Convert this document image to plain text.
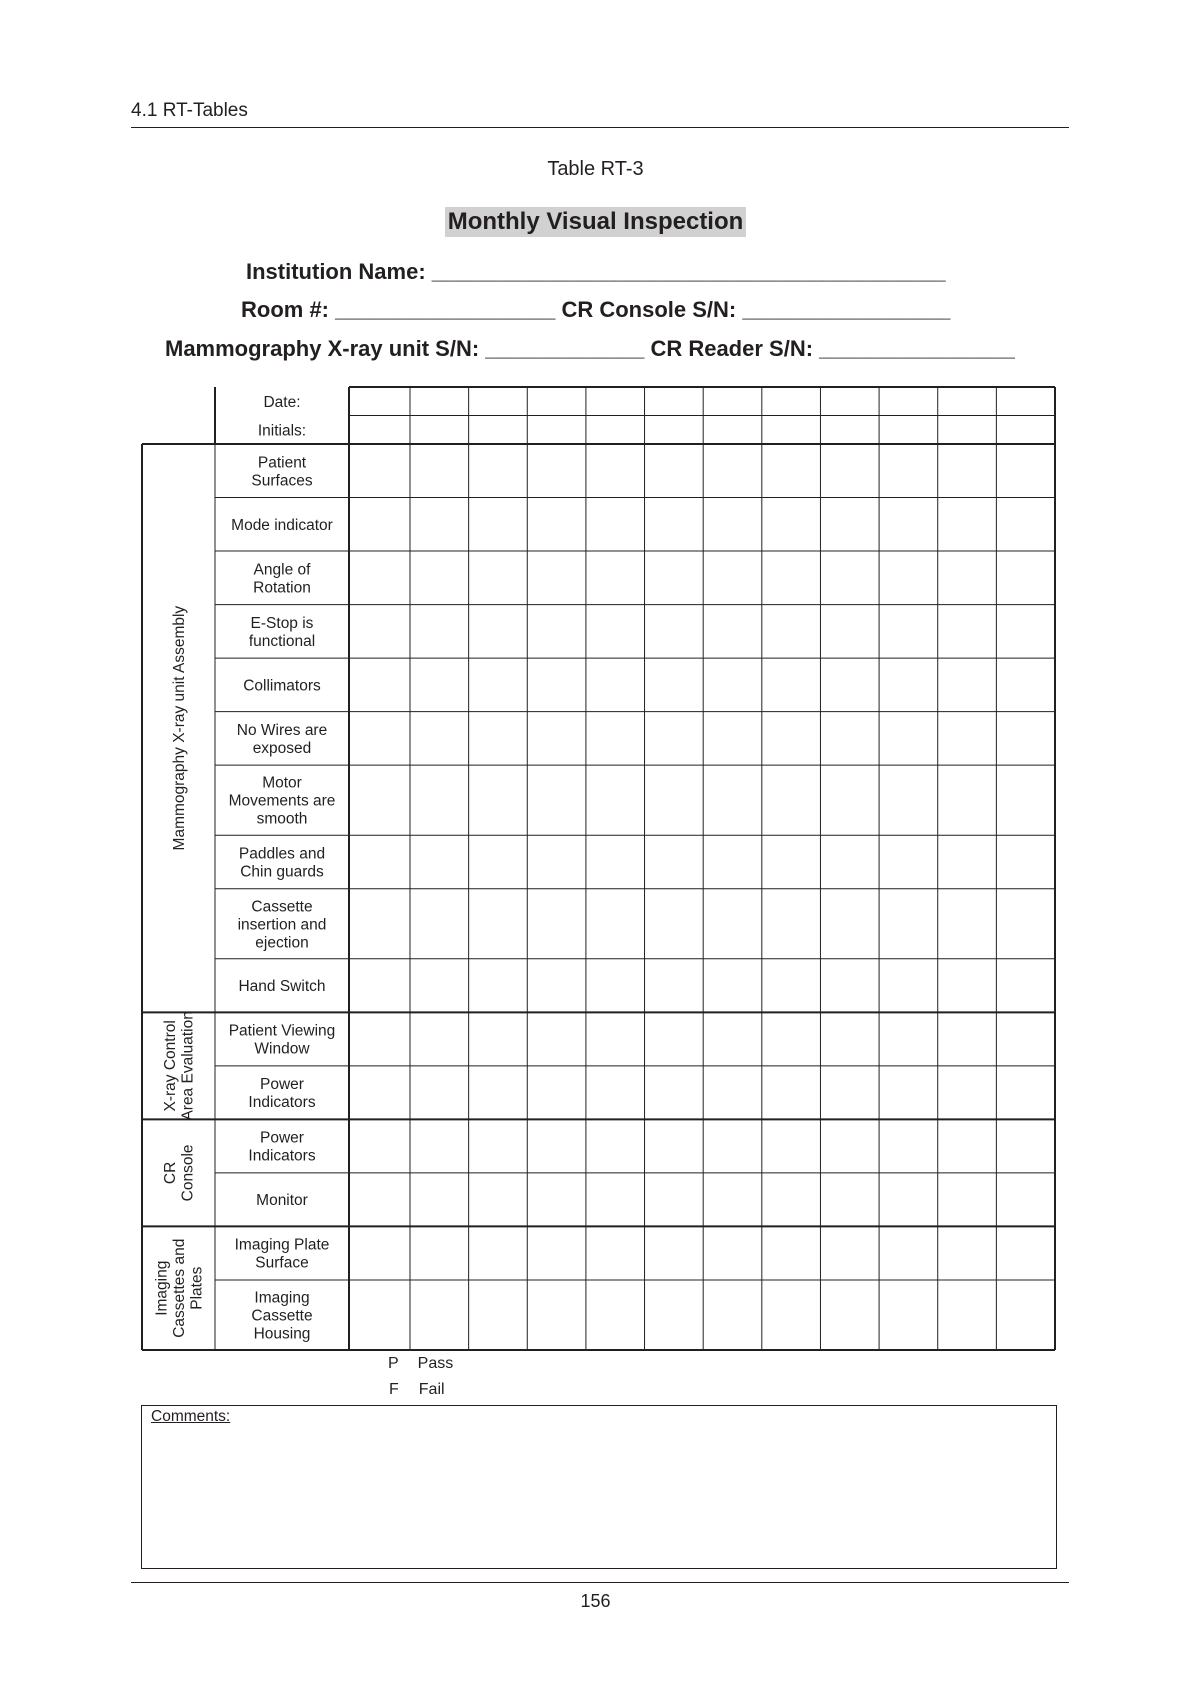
4.1 RT-Tables
Table RT-3
Monthly Visual Inspection
Institution Name: __________________________________________
Room #: __________________ CR Console S/N: _________________
Mammography X-ray unit S/N: _____________ CR Reader S/N: ________________
Date:
Initials:
Patient Surfaces
Mode indicator
Angle of Rotation
E-Stop is functional
Collimators
No Wires are exposed
Motor Movements are smooth
Paddles and Chin guards
Cassette insertion and ejection
Hand Switch
Patient Viewing Window
Power Indicators
Power Indicators
Monitor
Imaging Plate Surface
Imaging Cassette Housing
Mammography X-ray unit Assembly
X-ray ControlArea Evaluation
CRConsole
ImagingCassettes andPlates
P Pass
F Fail
Comments:
156
